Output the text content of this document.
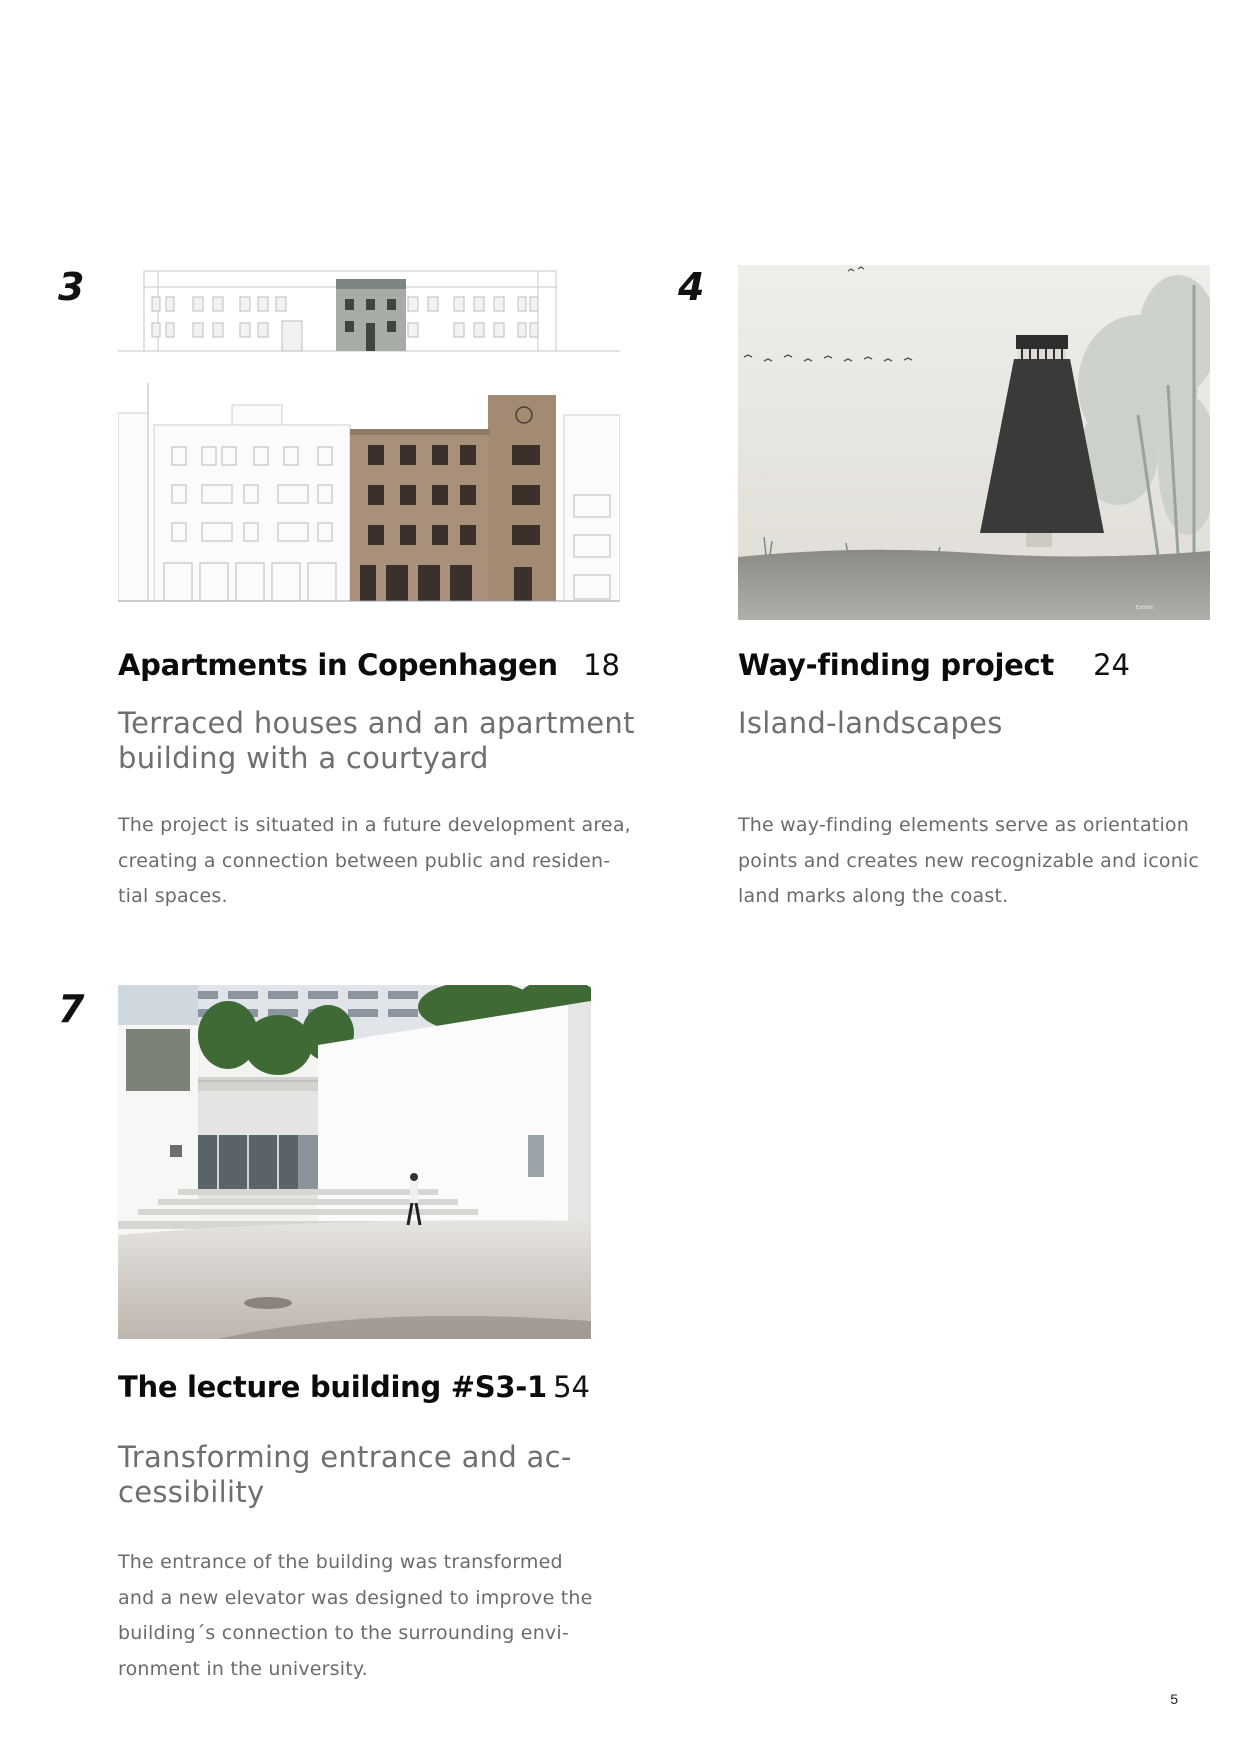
3
Apartments in Copenhagen 18
Terraced houses and an apartment
building with a courtyard
The project is situated in a future development area,
creating a connection between public and residen-
tial spaces.
4
Exhibit
Way-finding project	24
Island-landscapes
The way-finding elements serve as orientation
points and creates new recognizable and iconic
land marks along the coast.
7
The lecture building #S3-1 54
Transforming entrance and ac-
cessibility
The entrance of the building was transformed
and a new elevator was designed to improve the
building´s connection to the surrounding envi-
ronment in the university.
5
